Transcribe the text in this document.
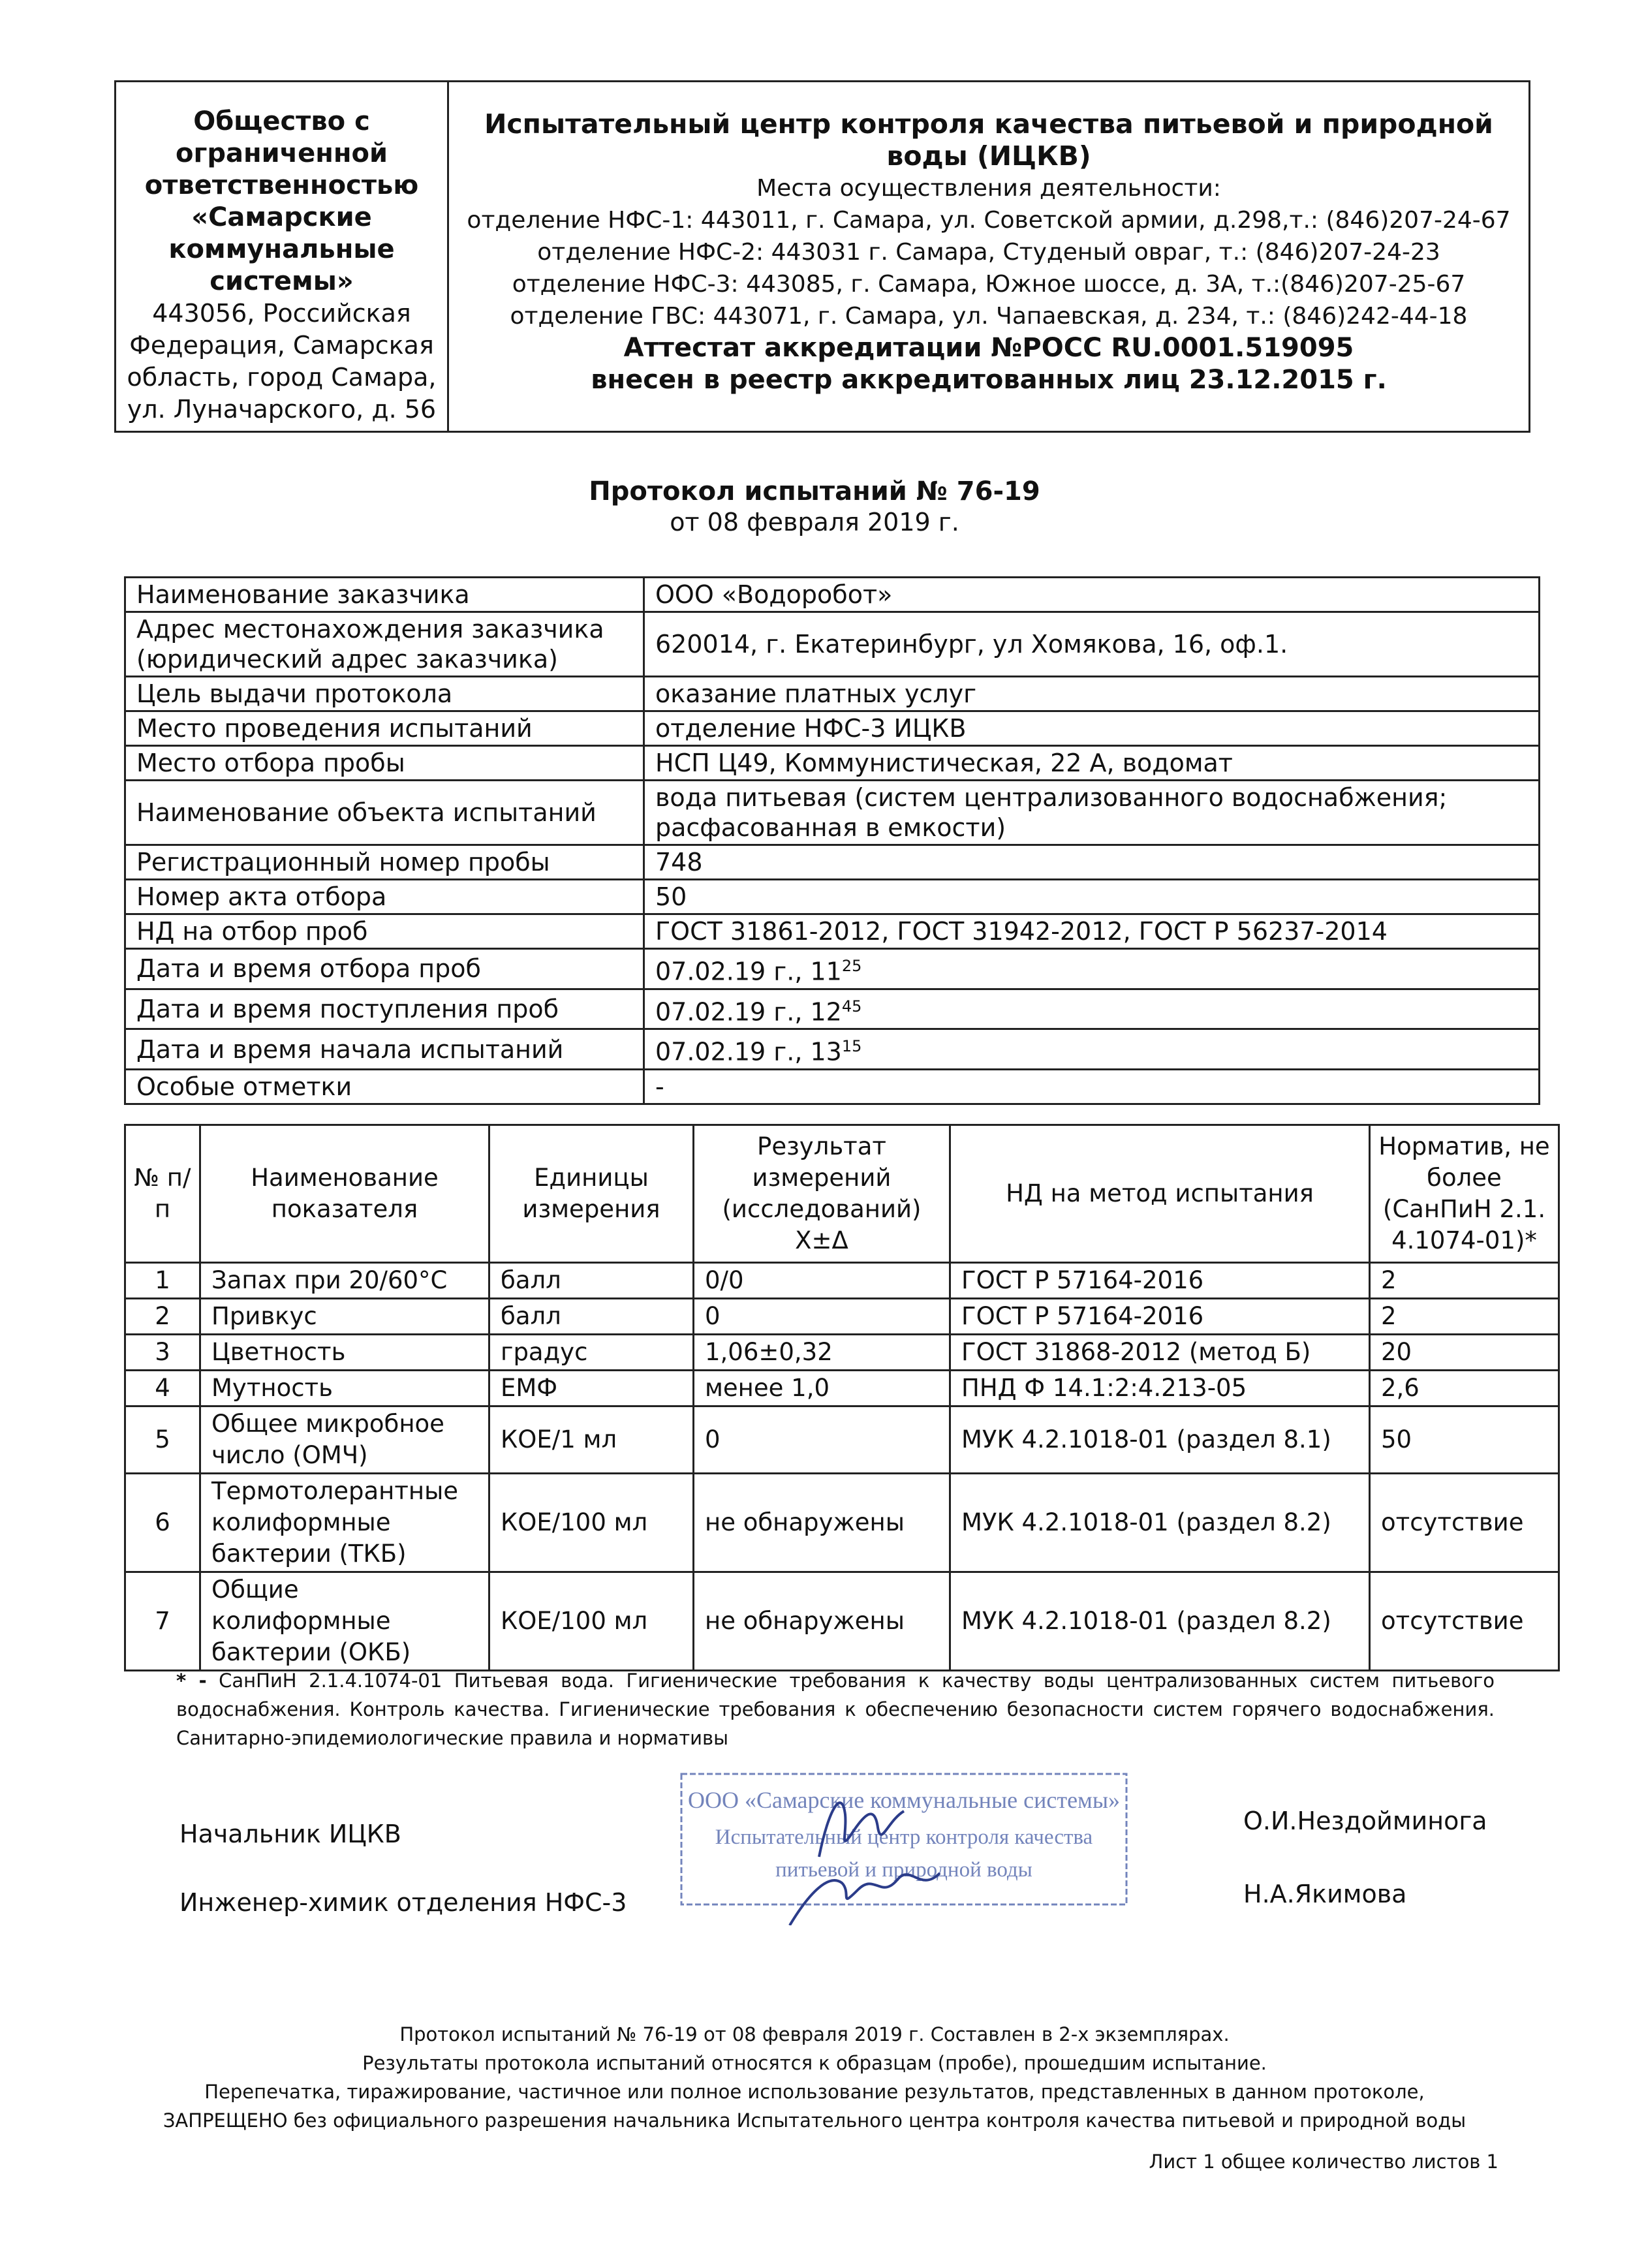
Общество с ограниченной ответственностью «Самарские коммунальные системы»
443056, Российская Федерация, Самарская область, город Самара, ул. Луначарского, д. 56	
Испытательный центр контроля качества питьевой и природной воды (ИЦКВ)
Места осуществления деятельности:
отделение НФС-1: 443011, г. Самара, ул. Советской армии, д.298,т.: (846)207-24-67
отделение НФС-2: 443031 г. Самара, Студеный овраг, т.: (846)207-24-23
отделение НФС-3: 443085, г. Самара, Южное шоссе, д. 3А, т.:(846)207-25-67
отделение ГВС: 443071, г. Самара, ул. Чапаевская, д. 234, т.: (846)242-44-18
Аттестат аккредитации №РОСС RU.0001.519095
внесен в реестр аккредитованных лиц 23.12.2015 г.
Протокол испытаний № 76-19
от 08 февраля 2019 г.
Наименование заказчика	ООО «Водоробот»
Адрес местонахождения заказчика (юридический адрес заказчика)	620014, г. Екатеринбург, ул Хомякова, 16, оф.1.
Цель выдачи протокола	оказание платных услуг
Место проведения испытаний	отделение НФС-3 ИЦКВ
Место отбора пробы	НСП Ц49, Коммунистическая, 22 А, водомат
Наименование объекта испытаний	вода питьевая (систем централизованного водоснабжения; расфасованная в емкости)
Регистрационный номер пробы	748
Номер акта отбора	50
НД на отбор проб	ГОСТ 31861-2012, ГОСТ 31942-2012, ГОСТ Р 56237-2014
Дата и время отбора проб	07.02.19 г., $11^{25}$
Дата и время поступления проб	07.02.19 г., $12^{45}$
Дата и время начала испытаний	07.02.19 г., $13^{15}$
Особые отметки	-
№ п/п	Наименование показателя	Единицы измерения	Результат измерений (исследований) X±Δ	НД на метод испытания	Норматив, не более (СанПиН 2.1. 4.1074-01)*
1	Запах при 20/60°С	балл	0/0	ГОСТ Р 57164-2016	2
2	Привкус	балл	0	ГОСТ Р 57164-2016	2
3	Цветность	градус	1,06±0,32	ГОСТ 31868-2012 (метод Б)	20
4	Мутность	ЕМФ	менее 1,0	ПНД Ф 14.1:2:4.213-05	2,6
5	Общее микробное число (ОМЧ)	КОЕ/1 мл	0	МУК 4.2.1018-01 (раздел 8.1)	50
6	Термотолерантные колиформные бактерии (ТКБ)	КОЕ/100 мл	не обнаружены	МУК 4.2.1018-01 (раздел 8.2)	отсутствие
7	Общие колиформные бактерии (ОКБ)	КОЕ/100 мл	не обнаружены	МУК 4.2.1018-01 (раздел 8.2)	отсутствие
* - СанПиН 2.1.4.1074-01 Питьевая вода. Гигиенические требования к качеству воды централизованных систем питьевого водоснабжения. Контроль качества. Гигиенические требования к обеспечению безопасности систем горячего водоснабжения. Санитарно-эпидемиологические правила и нормативы
Начальник ИЦКВ	О.И.Нездойминога
Инженер-химик отделения НФС-3	Н.А.Якимова
ООО «Самарские коммунальные системы»
Испытательный центр контроля качества
питьевой и природной воды
Протокол испытаний № 76-19 от 08 февраля 2019 г. Составлен в 2-х экземплярах.
Результаты протокола испытаний относятся к образцам (пробе), прошедшим испытание.
Перепечатка, тиражирование, частичное или полное использование результатов, представленных в данном протоколе,
ЗАПРЕЩЕНО без официального разрешения начальника Испытательного центра контроля качества питьевой и природной воды
Лист 1 общее количество листов 1
